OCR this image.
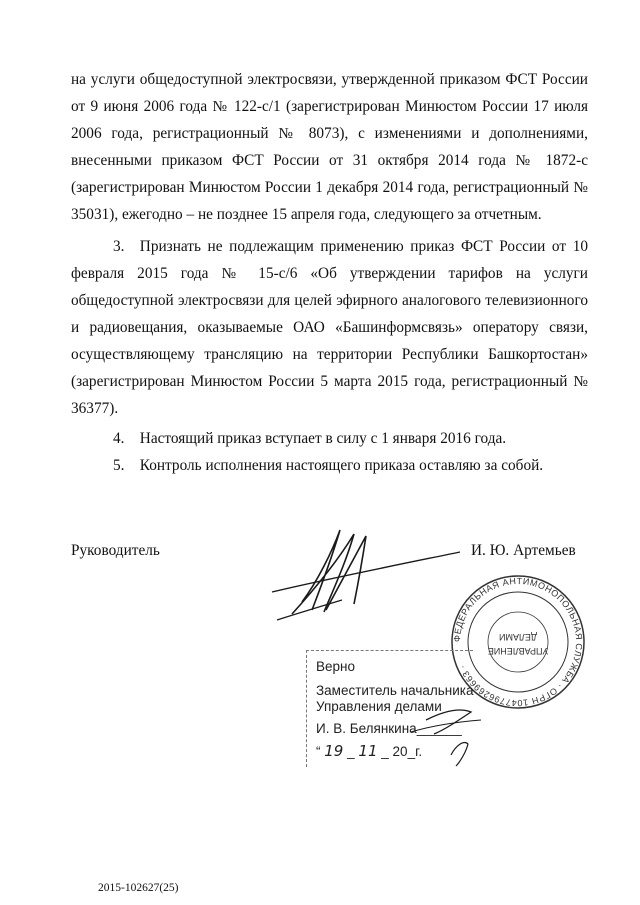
на услуги общедоступной электросвязи, утвержденной приказом ФСТ России от 9 июня 2006 года № 122-с/1 (зарегистрирован Минюстом России 17 июля 2006 года, регистрационный № 8073), с изменениями и дополнениями, внесенными приказом ФСТ России от 31 октября 2014 года № 1872-с (зарегистрирован Минюстом России 1 декабря 2014 года, регистрационный № 35031), ежегодно – не позднее 15 апреля года, следующего за отчетным.

3. Признать не подлежащим применению приказ ФСТ России от 10 февраля 2015 года № 15-с/6 «Об утверждении тарифов на услуги общедоступной электросвязи для целей эфирного аналогового телевизионного и радиовещания, оказываемые ОАО «Башинформсвязь» оператору связи, осуществляющему трансляцию на территории Республики Башкортостан» (зарегистрирован Минюстом России 5 марта 2015 года, регистрационный № 36377).

4. Настоящий приказ вступает в силу с 1 января 2016 года.

5. Контроль исполнения настоящего приказа оставляю за собой.

Руководитель	И. Ю. Артемьев
ФЕДЕРАЛЬНАЯ АНТИМОНОПОЛЬНАЯ СЛУЖБА · ОГРН 1047796269663 ·
УПРАВЛЕНИЕ
ДЕЛАМИ
Верно
Заместитель начальника
Управления делами
И. В. Белянкина______
“ 19 _ 11 _ 20_г.
2015-102627(25)
